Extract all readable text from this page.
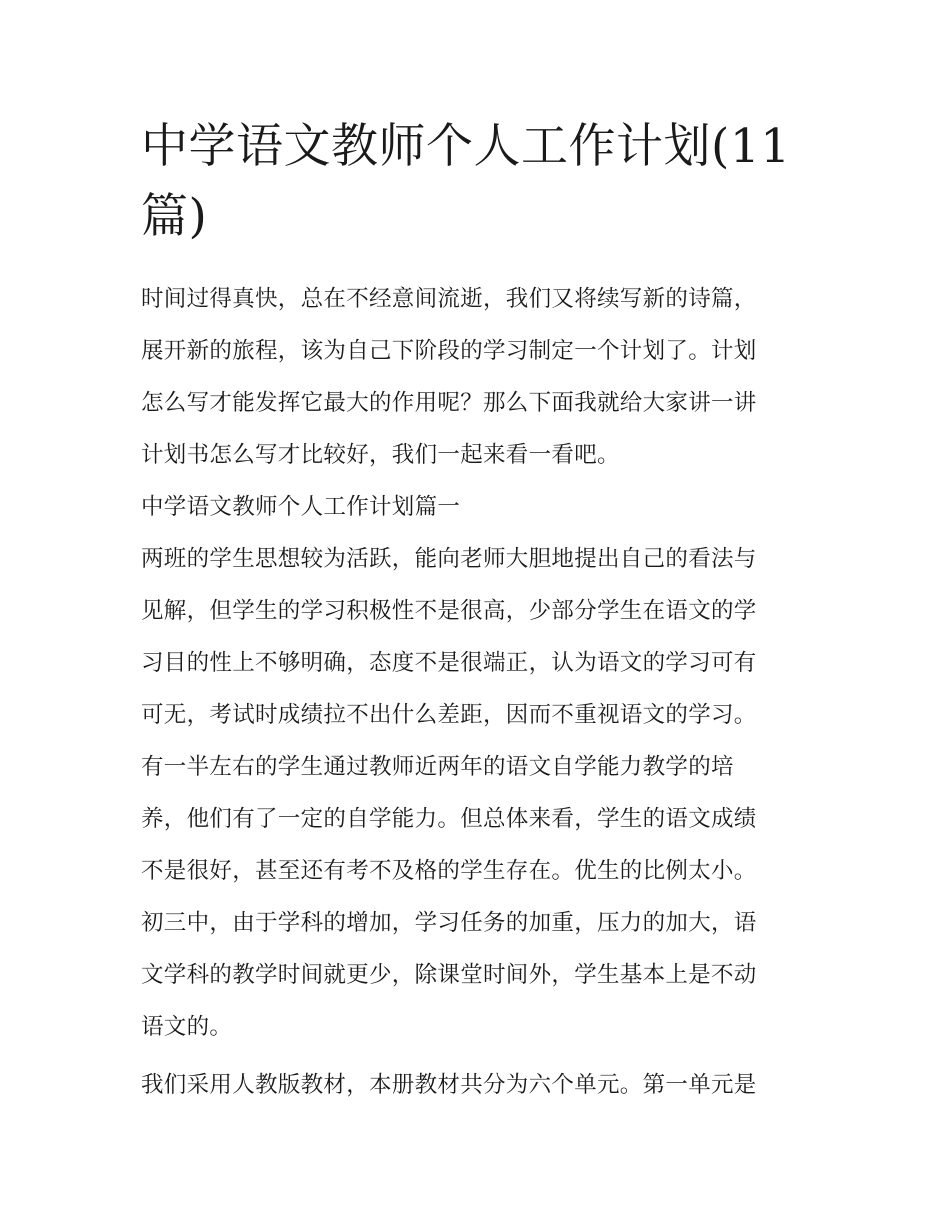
中学语文教师个人工作计划(11
篇)
时间过得真快，总在不经意间流逝，我们又将续写新的诗篇，
展开新的旅程，该为自己下阶段的学习制定一个计划了。计划
怎么写才能发挥它最大的作用呢？那么下面我就给大家讲一讲
计划书怎么写才比较好，我们一起来看一看吧。
中学语文教师个人工作计划篇一
两班的学生思想较为活跃，能向老师大胆地提出自己的看法与
见解，但学生的学习积极性不是很高，少部分学生在语文的学
习目的性上不够明确，态度不是很端正，认为语文的学习可有
可无，考试时成绩拉不出什么差距，因而不重视语文的学习。
有一半左右的学生通过教师近两年的语文自学能力教学的培
养，他们有了一定的自学能力。但总体来看，学生的语文成绩
不是很好，甚至还有考不及格的学生存在。优生的比例太小。
初三中，由于学科的增加，学习任务的加重，压力的加大，语
文学科的教学时间就更少，除课堂时间外，学生基本上是不动
语文的。
我们采用人教版教材，本册教材共分为六个单元。第一单元是
